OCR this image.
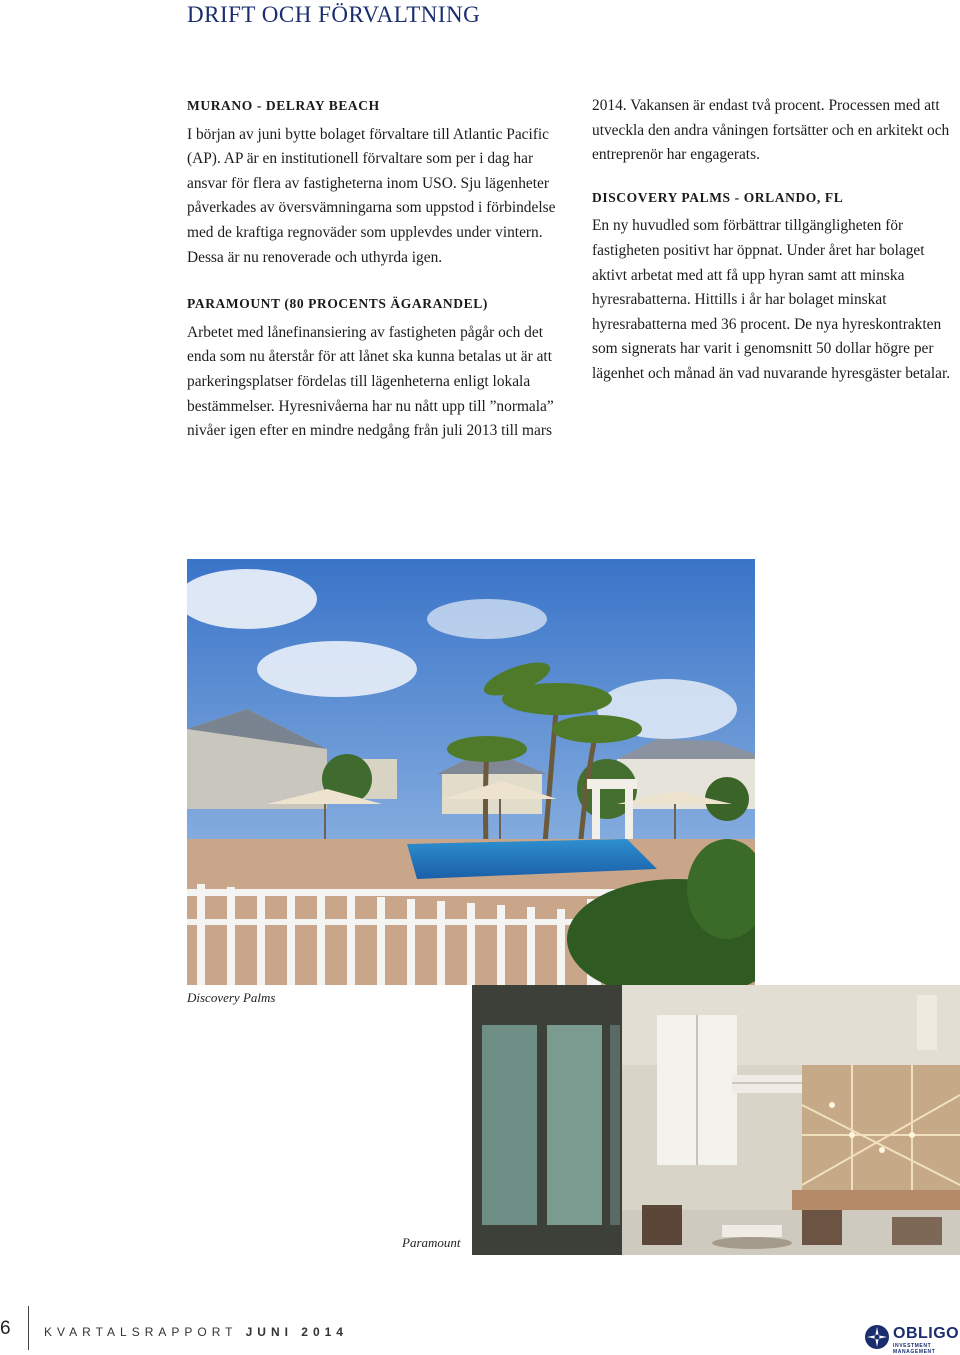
DRIFT OCH FÖRVALTNING
MURANO - DELRAY BEACH

I början av juni bytte bolaget förvaltare till Atlantic Pacific (AP). AP är en institutionell förvaltare som per i dag har ansvar för flera av fastigheterna inom USO. Sju lägenheter påverkades av översvämningarna som uppstod i förbindelse med de kraftiga regnoväder som upplevdes under vintern. Dessa är nu renoverade och uthyrda igen.

PARAMOUNT (80 PROCENTS ÄGARANDEL)

Arbetet med lånefinansiering av fastigheten pågår och det enda som nu återstår för att lånet ska kunna betalas ut är att parkeringsplatser fördelas till lägenheterna enligt lokala bestämmelser. Hyresnivåerna har nu nått upp till ”normala” nivåer igen efter en mindre nedgång från juli 2013 till mars

2014. Vakansen är endast två procent. Processen med att utveckla den andra våningen fortsätter och en arkitekt och entreprenör har engagerats.

DISCOVERY PALMS - ORLANDO, FL

En ny huvudled som förbättrar tillgängligheten för fastigheten positivt har öppnat. Under året har bolaget aktivt arbetat med att få upp hyran samt att minska hyresrabatterna. Hittills i år har bolaget minskat hyresrabatterna med 36 procent. De nya hyreskontrakten som signerats har varit i genomsnitt 50 dollar högre per lägenhet och månad än vad nuvarande hyresgäster betalar.

Discovery Palms
Paramount
6	KVARTALSRAPPORT JUNI 2014	OBLIGO
INVESTMENT MANAGEMENT
